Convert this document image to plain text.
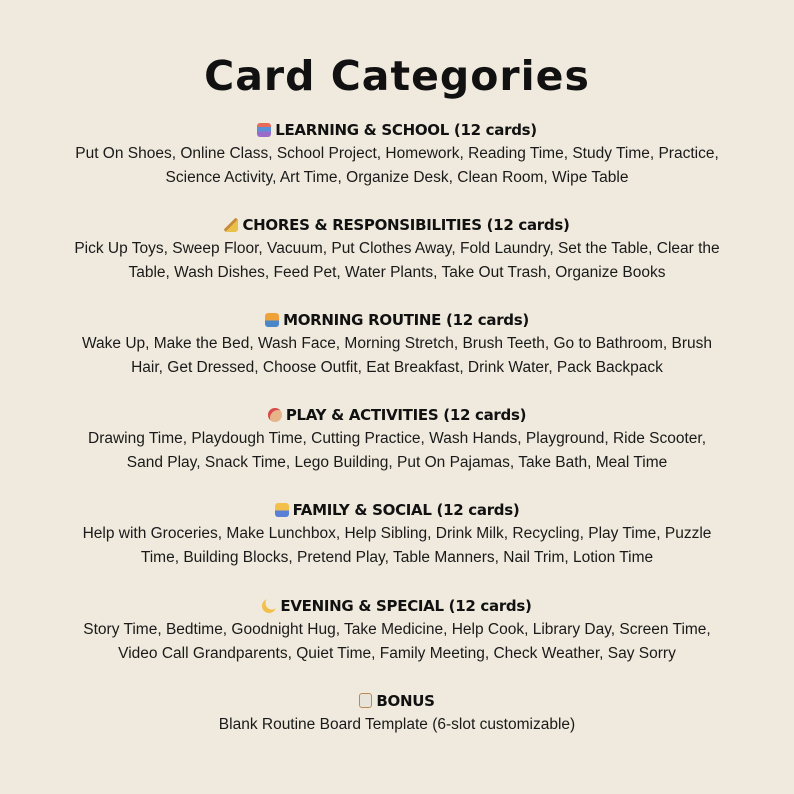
Card Categories
LEARNING & SCHOOL (12 cards)
Put On Shoes, Online Class, School Project, Homework, Reading Time, Study Time, Practice,
Science Activity, Art Time, Organize Desk, Clean Room, Wipe Table
CHORES & RESPONSIBILITIES (12 cards)
Pick Up Toys, Sweep Floor, Vacuum, Put Clothes Away, Fold Laundry, Set the Table, Clear the
Table, Wash Dishes, Feed Pet, Water Plants, Take Out Trash, Organize Books
MORNING ROUTINE (12 cards)
Wake Up, Make the Bed, Wash Face, Morning Stretch, Brush Teeth, Go to Bathroom, Brush
Hair, Get Dressed, Choose Outfit, Eat Breakfast, Drink Water, Pack Backpack
PLAY & ACTIVITIES (12 cards)
Drawing Time, Playdough Time, Cutting Practice, Wash Hands, Playground, Ride Scooter,
Sand Play, Snack Time, Lego Building, Put On Pajamas, Take Bath, Meal Time
FAMILY & SOCIAL (12 cards)
Help with Groceries, Make Lunchbox, Help Sibling, Drink Milk, Recycling, Play Time, Puzzle
Time, Building Blocks, Pretend Play, Table Manners, Nail Trim, Lotion Time
EVENING & SPECIAL (12 cards)
Story Time, Bedtime, Goodnight Hug, Take Medicine, Help Cook, Library Day, Screen Time,
Video Call Grandparents, Quiet Time, Family Meeting, Check Weather, Say Sorry
BONUS
Blank Routine Board Template (6-slot customizable)
